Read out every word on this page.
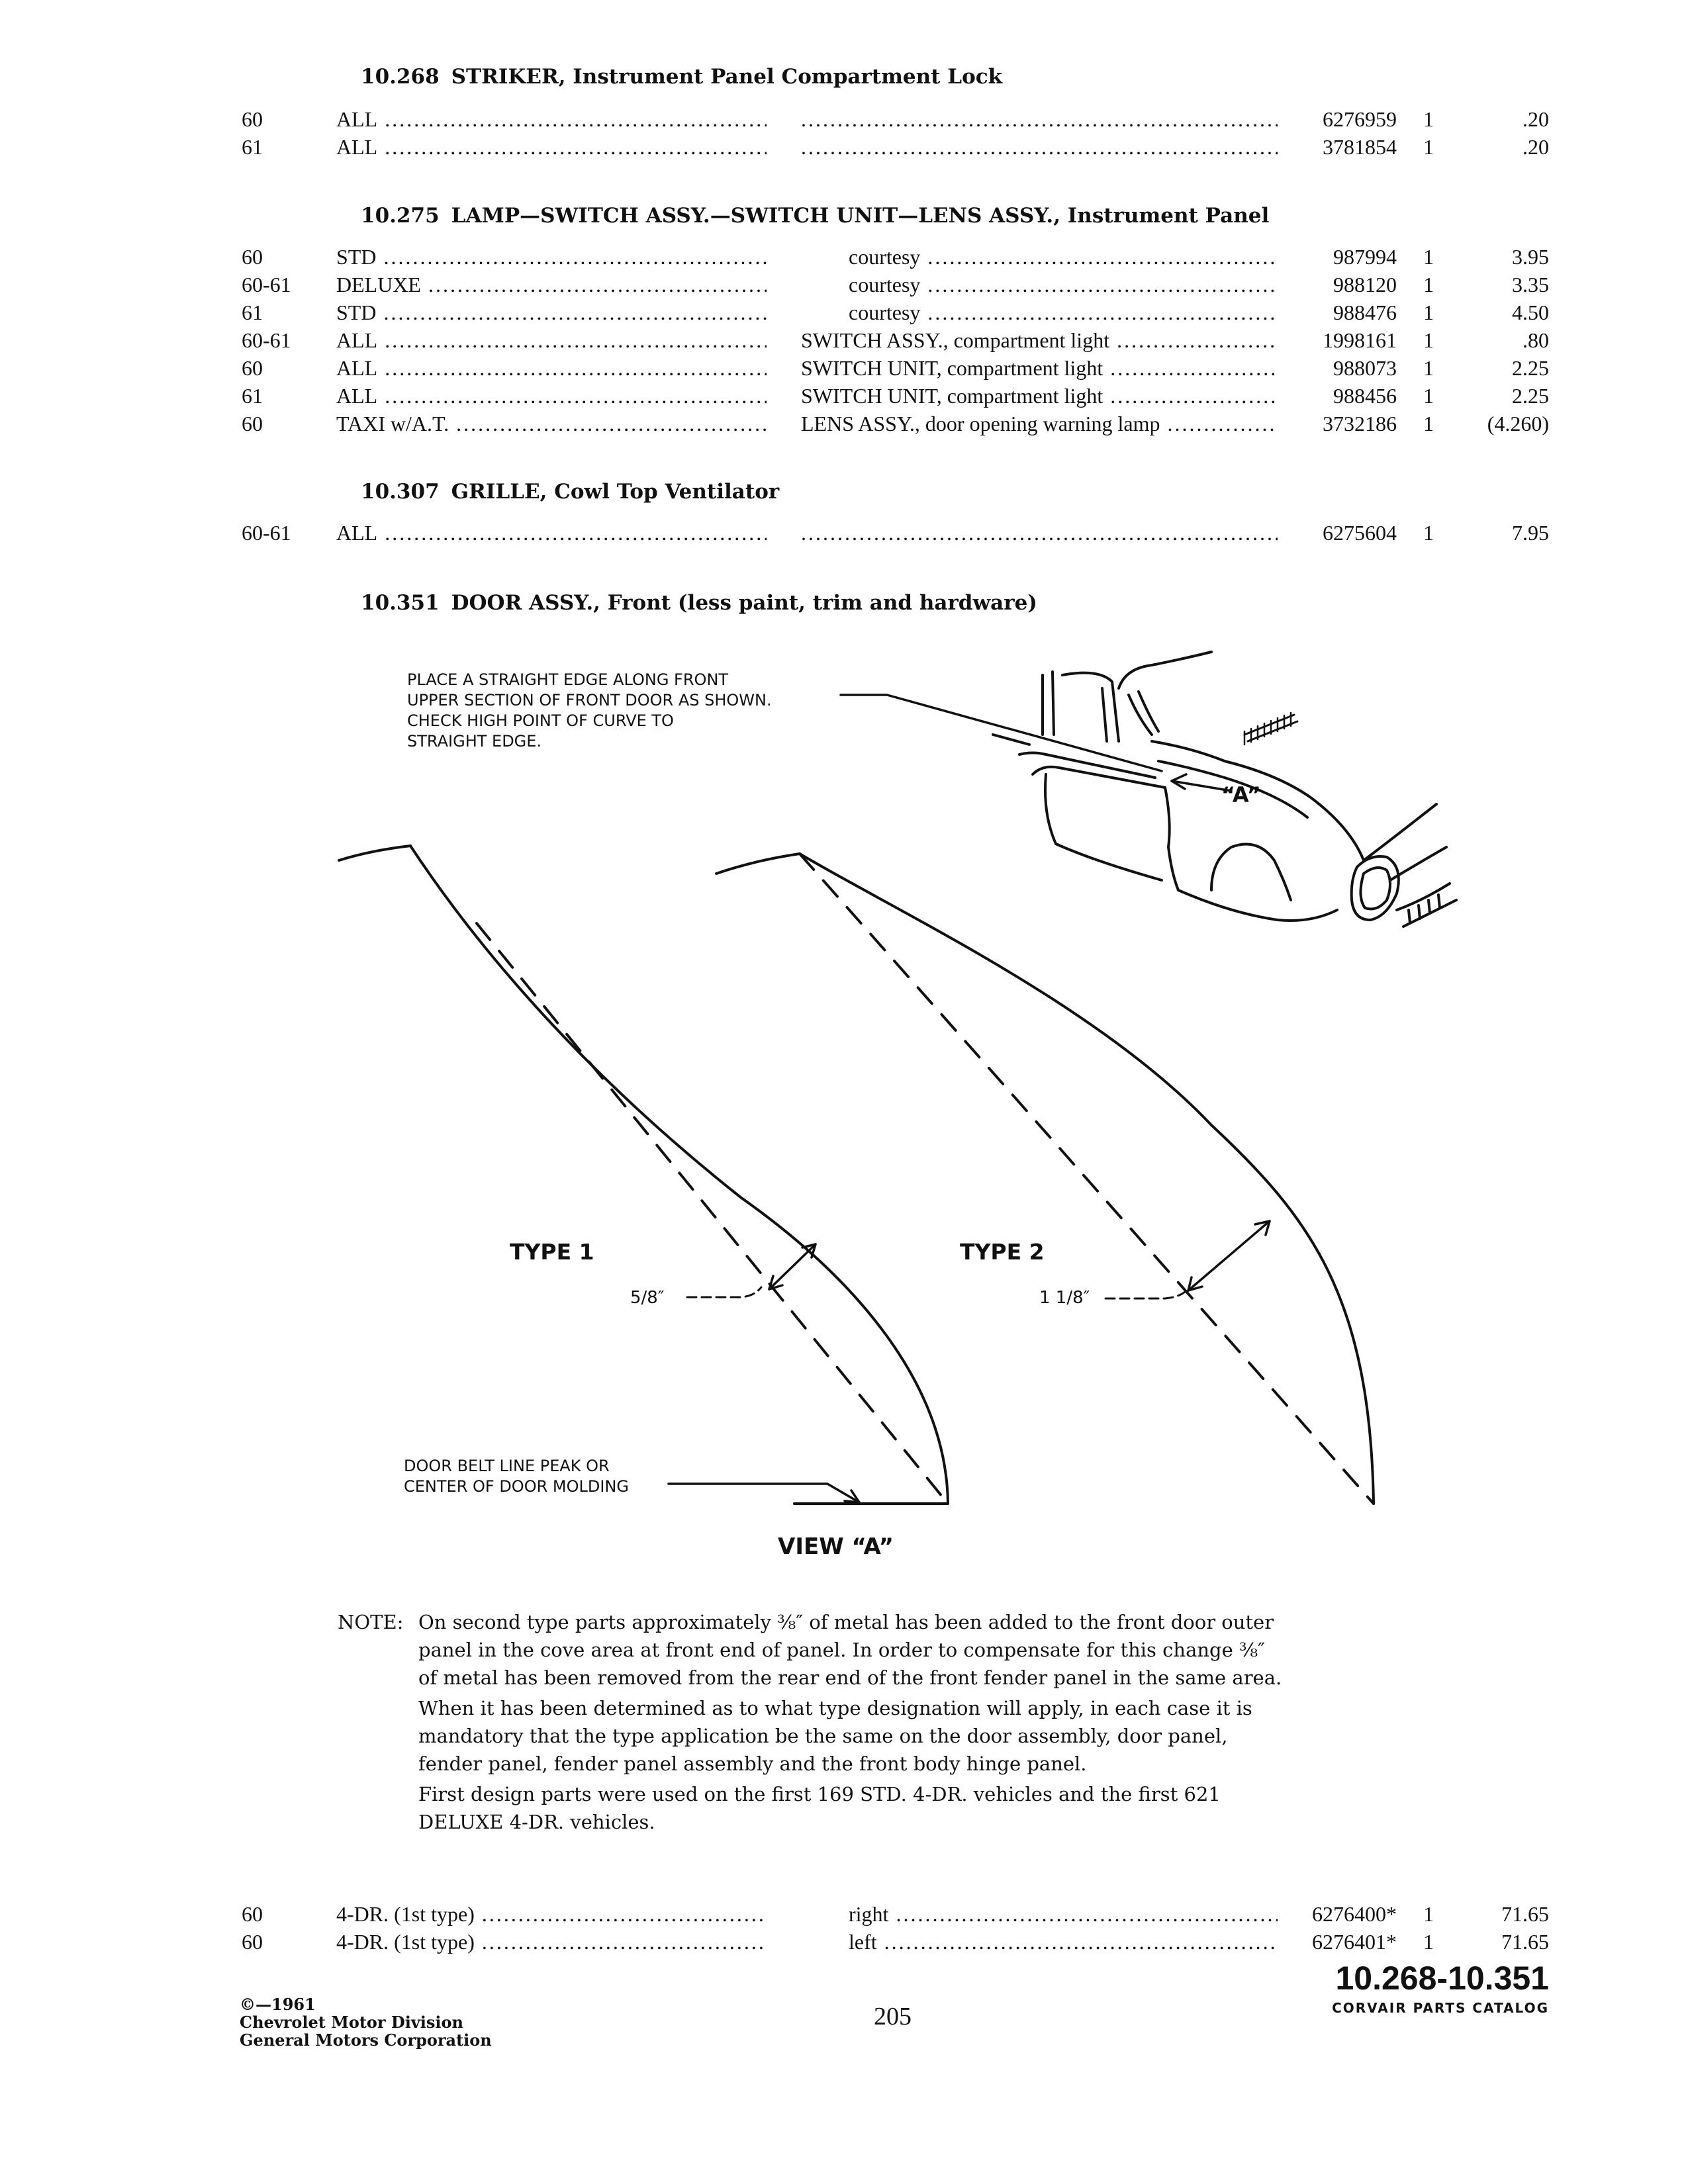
10.268 STRIKER, Instrument Panel Compartment Lock
60	ALL ..... .....	6276959 1	.20
61	ALL ..... .....	3781854 1	.20
10.275 LAMP—SWITCH ASSY.—SWITCH UNIT—LENS ASSY., Instrument Panel
60	STD .....	courtesy .....	987994 1	3.95
60-61 DELUXE .....	courtesy .....	988120 1	3.35
61	STD .....	courtesy .....	988476 1	4.50
60-61 ALL .....	SWITCH ASSY., compartment light .....	1998161 1	.80
60	ALL .....	SWITCH UNIT, compartment light .....	988073 1	2.25
61	ALL .....	SWITCH UNIT, compartment light .....	988456 1	2.25
60	TAXI w/A.T. .....	LENS ASSY., door opening warning lamp .....	3732186 1	(4.260)
10.307 GRILLE, Cowl Top Ventilator
60-61 ALL ..... .....	6275604 1	7.95
10.351 DOOR ASSY., Front (less paint, trim and hardware)
PLACE A STRAIGHT EDGE ALONG FRONT
UPPER SECTION OF FRONT DOOR AS SHOWN.
CHECK HIGH POINT OF CURVE TO
STRAIGHT EDGE.
“A”
TYPE 1	TYPE 2
5/8″	1 1/8″
DOOR BELT LINE PEAK OR
CENTER OF DOOR MOLDING
VIEW “A”
NOTE: On second type parts approximately ⅜″ of metal has been added to the front door outer panel in the cove area at front end of panel. In order to compensate for this change ⅜″ of metal has been removed from the rear end of the front fender panel in the same area.
When it has been determined as to what type designation will apply, in each case it is mandatory that the type application be the same on the door assembly, door panel, fender panel, fender panel assembly and the front body hinge panel.
First design parts were used on the first 169 STD. 4-DR. vehicles and the first 621 DELUXE 4-DR. vehicles.
60	4-DR. (1st type) .....	right .....	6276400* 1	71.65
60	4-DR. (1st type) .....	left .....	6276401* 1	71.65
©—1961
Chevrolet Motor Division
General Motors Corporation
205
10.268-10.351
CORVAIR PARTS CATALOG
